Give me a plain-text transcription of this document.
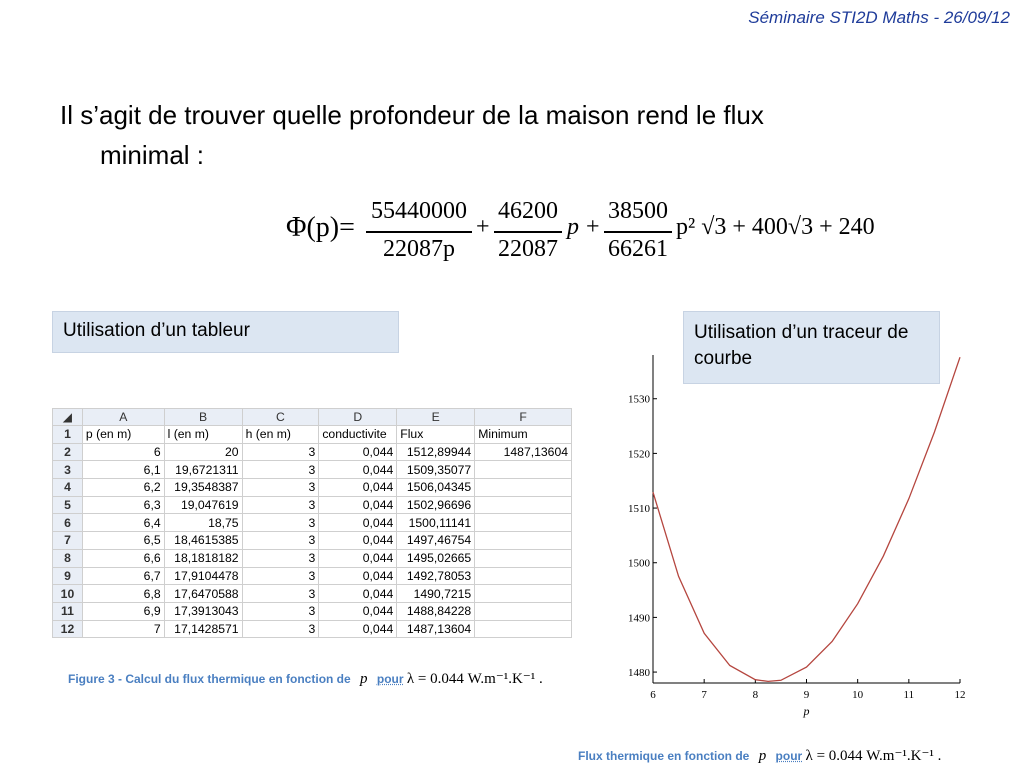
Séminaire STI2D Maths - 26/09/12
Il s’agit de trouver quelle profondeur de la maison rend le flux
minimal :
Φ(p)=
55440000
22087p
+
46200
22087
p +
38500
66261
p² √3 + 400√3 + 240
Utilisation d’un tableur	Utilisation d’un traceur de courbe
◢	A	B	C	D	E	F
1	p (en m)	l (en m)	h (en m)	conductivite	Flux	Minimum
2	6	20	3	0,044	1512,89944	1487,13604
3	6,1	19,6721311	3	0,044	1509,35077	
4	6,2	19,3548387	3	0,044	1506,04345	
5	6,3	19,047619	3	0,044	1502,96696	
6	6,4	18,75	3	0,044	1500,11141	
7	6,5	18,4615385	3	0,044	1497,46754	
8	6,6	18,1818182	3	0,044	1495,02665	
9	6,7	17,9104478	3	0,044	1492,78053	
10	6,8	17,6470588	3	0,044	1490,7215	
11	6,9	17,3913043	3	0,044	1488,84228	
12	7	17,1428571	3	0,044	1487,13604	
Figure 3 - Calcul du flux thermique en fonction de p pour λ = 0.044 W.m⁻¹.K⁻¹ .
Flux thermique en fonction de p pour λ = 0.044 W.m⁻¹.K⁻¹ .
6	7	8	9	10	11	12
1480
1490
1500
1510
1520
1530
p
